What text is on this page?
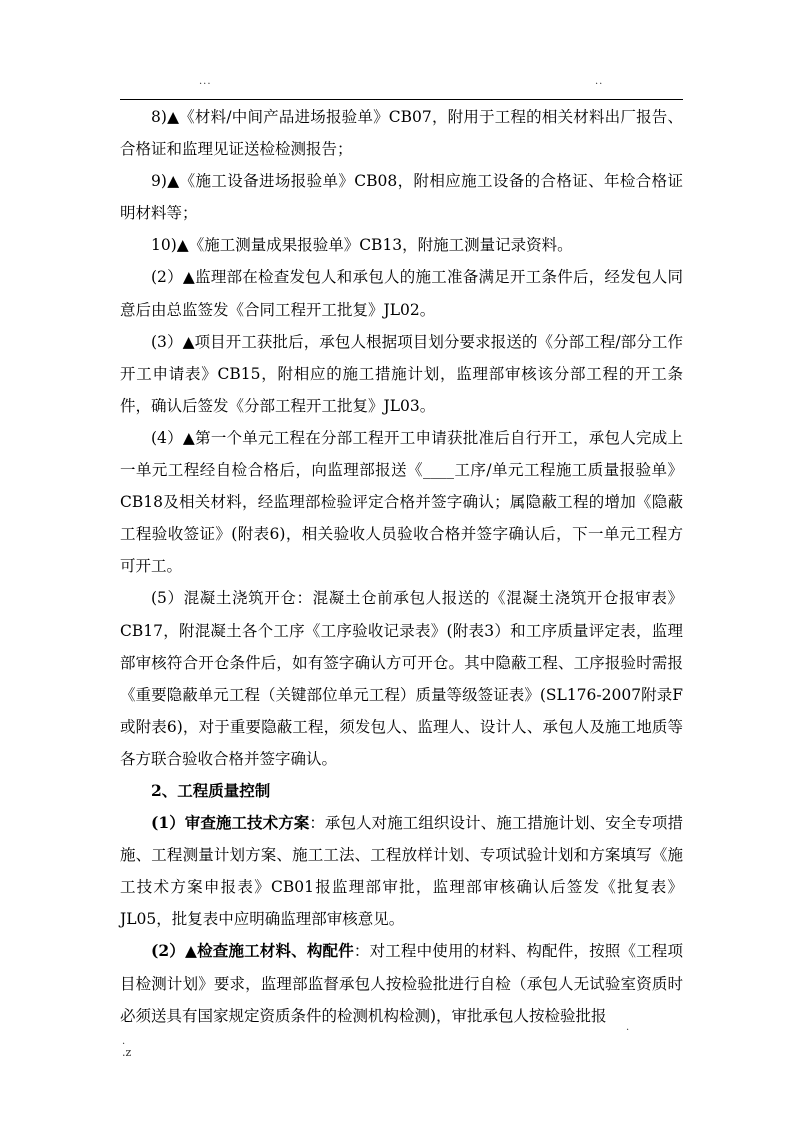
...	..

8)▲《材料/中间产品进场报验单》CB07，附用于工程的相关材料出厂报告、合格证和监理见证送检检测报告；

9)▲《施工设备进场报验单》CB08，附相应施工设备的合格证、年检合格证明材料等；

10)▲《施工测量成果报验单》CB13，附施工测量记录资料。

(2）▲监理部在检查发包人和承包人的施工准备满足开工条件后，经发包人同意后由总监签发《合同工程开工批复》JL02。

(3）▲项目开工获批后，承包人根据项目划分要求报送的《分部工程/部分工作开工申请表》CB15，附相应的施工措施计划，监理部审核该分部工程的开工条件，确认后签发《分部工程开工批复》JL03。

(4）▲第一个单元工程在分部工程开工申请获批准后自行开工，承包人完成上一单元工程经自检合格后，向监理部报送《____工序/单元工程施工质量报验单》CB18及相关材料，经监理部检验评定合格并签字确认；属隐蔽工程的增加《隐蔽工程验收签证》(附表6)，相关验收人员验收合格并签字确认后，下一单元工程方可开工。

(5）混凝土浇筑开仓：混凝土仓前承包人报送的《混凝土浇筑开仓报审表》CB17，附混凝土各个工序《工序验收记录表》(附表3）和工序质量评定表，监理部审核符合开仓条件后，如有签字确认方可开仓。其中隐蔽工程、工序报验时需报《重要隐蔽单元工程（关键部位单元工程）质量等级签证表》(SL176-2007附录F或附表6)，对于重要隐蔽工程，须发包人、监理人、设计人、承包人及施工地质等各方联合验收合格并签字确认。

2、工程质量控制

(1）审查施工技术方案：承包人对施工组织设计、施工措施计划、安全专项措施、工程测量计划方案、施工工法、工程放样计划、专项试验计划和方案填写《施工技术方案申报表》CB01报监理部审批，监理部审核确认后签发《批复表》JL05，批复表中应明确监理部审核意见。

(2）▲检查施工材料、构配件：对工程中使用的材料、构配件，按照《工程项目检测计划》要求，监理部监督承包人按检验批进行自检（承包人无试验室资质时必须送具有国家规定资质条件的检测机构检测)，审批承包人按检验批报

.
.
.z
